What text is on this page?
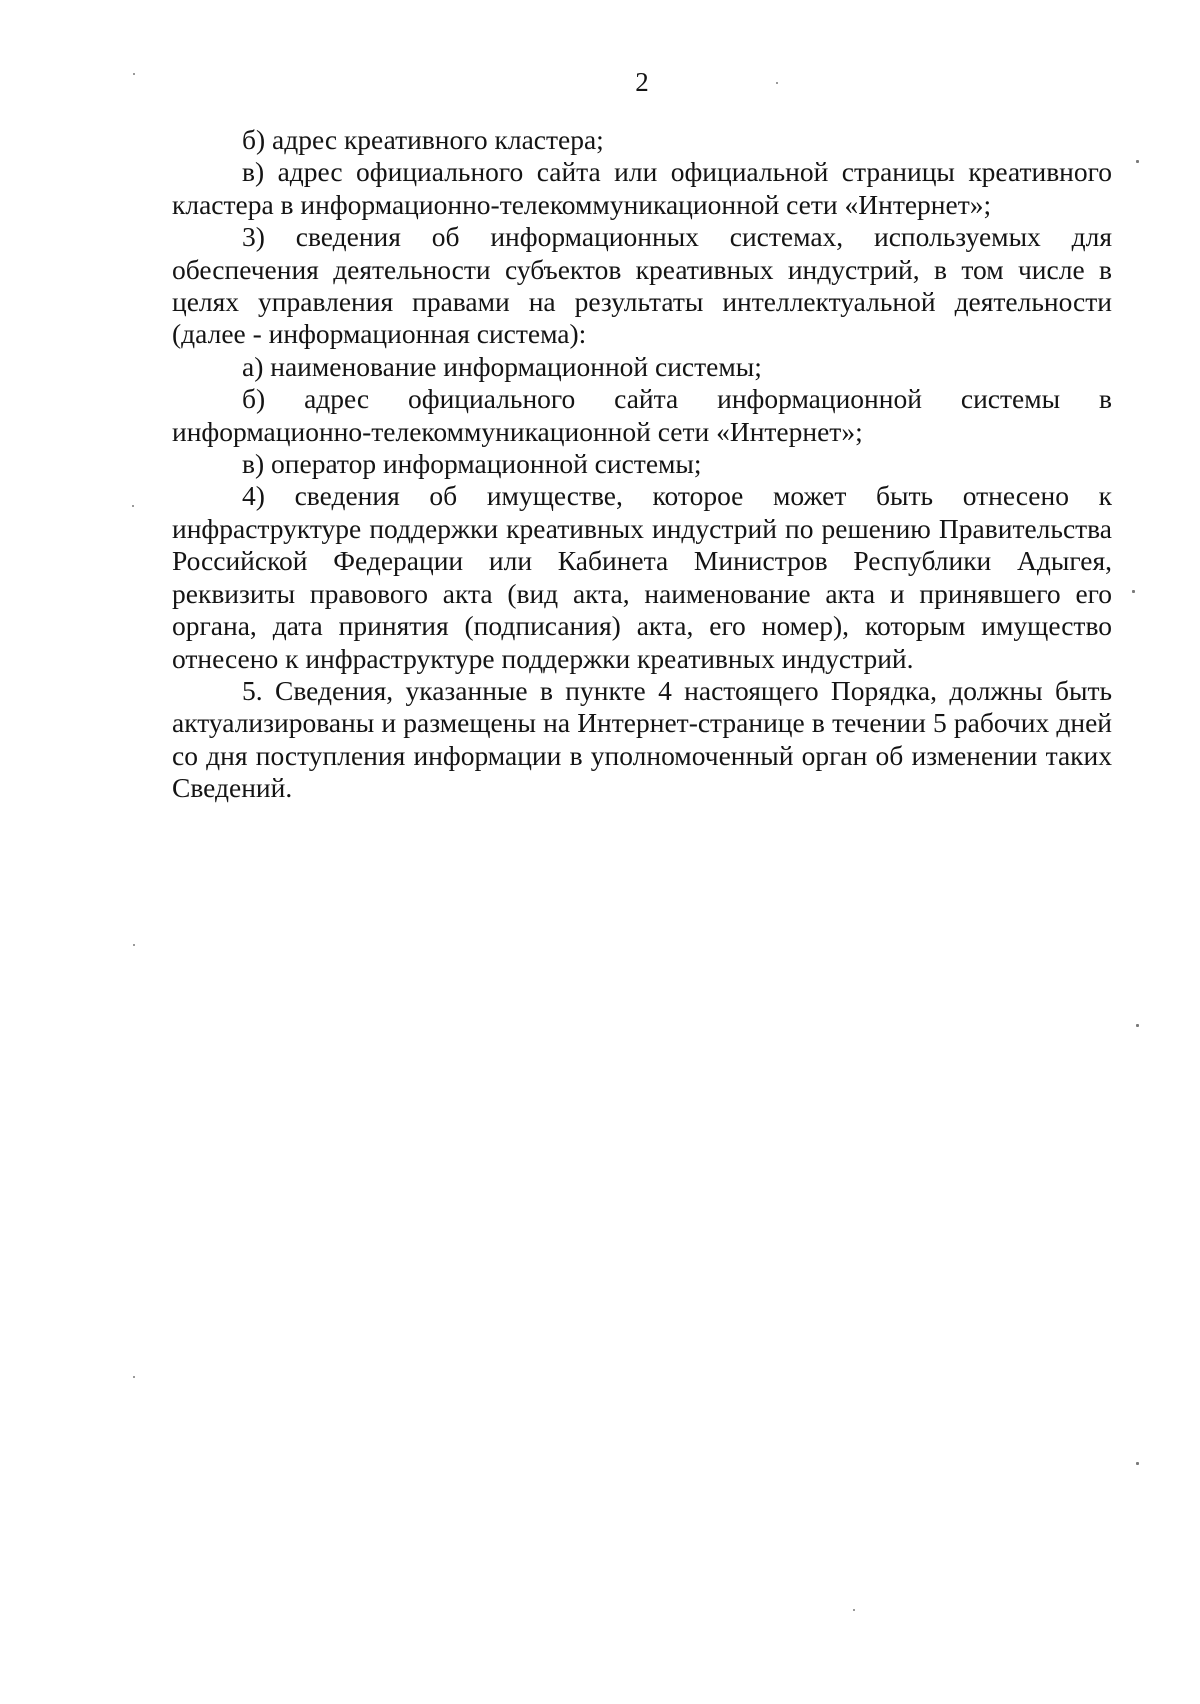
2

б) адрес креативного кластера;

в) адрес официального сайта или официальной страницы креативного кластера в информационно-телекоммуникационной сети «Интернет»;

3) сведения об информационных системах, используемых для обеспечения деятельности субъектов креативных индустрий, в том числе в целях управления правами на результаты интеллектуальной деятельности (далее - информационная система):

а) наименование информационной системы;

б) адрес официального сайта информационной системы в информационно-телекоммуникационной сети «Интернет»;

в) оператор информационной системы;

4) сведения об имуществе, которое может быть отнесено к инфраструктуре поддержки креативных индустрий по решению Правительства Российской Федерации или Кабинета Министров Республики Адыгея, реквизиты правового акта (вид акта, наименование акта и принявшего его органа, дата принятия (подписания) акта, его номер), которым имущество отнесено к инфраструктуре поддержки креативных индустрий.

5. Сведения, указанные в пункте 4 настоящего Порядка, должны быть актуализированы и размещены на Интернет-странице в течении 5 рабочих дней со дня поступления информации в уполномоченный орган об изменении таких Сведений.
